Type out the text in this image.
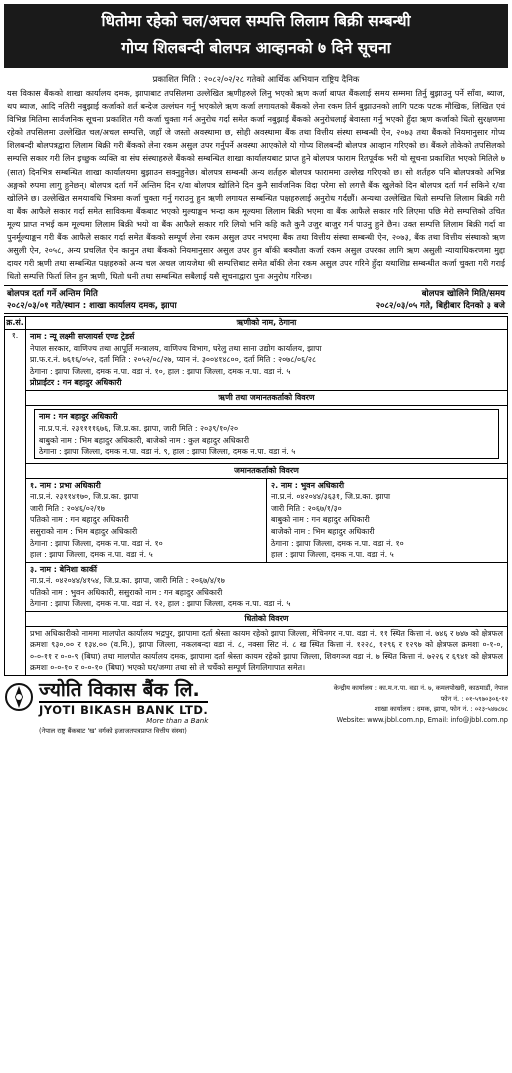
धितोमा रहेको चल/अचल सम्पत्ति लिलाम बिक्री सम्बन्धी
गोप्य शिलबन्दी बोलपत्र आव्हानको ७ दिने सूचना
प्रकाशित मिति : २०८२/०२/२८ गतेको आर्थिक अभियान राष्ट्रिय दैनिक

यस विकास बैंकको शाखा कार्यालय दमक, झापाबाट तपसिलमा उल्लेखित ऋणीहरुले लिनु भएको ऋण कर्जा बापत बैंकलाई समय सम्ममा तिर्नु बुझाउनु पर्ने साँवा, ब्याज, थप ब्याज, आदि नतिरी नबुझाई कर्जाको शर्त बन्देज उल्लंघन गर्नु भएकोले ऋण कर्जा लगायतको बैंकको लेना रकम तिर्न बुझाउनको लागि पटक पटक मौखिक, लिखित एवं विभिन्न मितिमा सार्वजनिक सूचना प्रकाशित गरी कर्जा चुक्ता गर्न अनुरोध गर्दा समेत कर्जा नबुझाई बैंकको अनुरोधलाई बेवास्ता गर्नु भएको हुँदा ऋण कर्जाको धितो सुरक्षणमा रहेको तपसिलमा उल्लेखित चल/अचल सम्पत्ति, जहाँ जे जस्तो अवस्थामा छ, सोही अवस्थामा बैंक तथा वित्तीय संस्था सम्बन्धी ऐन, २०७३ तथा बैंकको नियमानुसार गोप्य शिलबन्दी बोलपत्रद्वारा लिलाम बिक्री गरी बैंकको लेना रकम असुल उपर गर्नुपर्ने अवस्था आएकोले यो गोप्य शिलबन्दी बोलपत्र आव्हान गरिएको छ। बैंकले तोकेको तपसिलको सम्पत्ति सकार गरी लिन इच्छुक व्यक्ति वा संघ संस्थाहरुले बैंकको सम्बन्धित शाखा कार्यालयबाट प्राप्त हुने बोलपत्र फाराम रितपूर्वक भरी यो सूचना प्रकाशित भएको मितिले ७ (सात) दिनभित्र सम्बन्धित शाखा कार्यालयमा बुझाउन सक्नुहुनेछ। बोलपत्र सम्बन्धी अन्य शर्तहरु बोलपत्र फाराममा उल्लेख गरिएको छ। सो शर्तहरु पनि बोलपत्रको अभिन्न अङ्गको रुपमा लागु हुनेछन्। बोलपत्र दर्ता गर्ने अन्तिम दिन र/वा बोलपत्र खोलिने दिन कुनै सार्वजनिक विदा परेमा सो लगत्तै बैंक खुलेको दिन बोलपत्र दर्ता गर्न सकिने र/वा खोलिने छ। उल्लेखित समयावधि भित्रमा कर्जा चुक्ता गर्नु गराउनु हुन ऋणी लगायत सम्बन्धित पक्षहरुलाई अनुरोध गर्दछौं। अन्यथा उल्लेखित धितो सम्पत्ति लिलाम बिक्री गरी वा बैंक आफैले सकार गर्दा समेत साविकमा बैंकबाट भएको मुल्याङ्कन भन्दा कम मूल्यमा लिलाम बिक्री भएमा वा बैंक आफैले सकार गरि लिएमा पछि मेरो सम्पत्तिको उचित मूल्य प्राप्त नभई कम मूल्यमा लिलाम बिक्री भयो वा बैंक आफैले सकार गरि लियो भनि कहि कतै कुनै उजुर बाजुर गर्न पाउनु हुने छैन। उक्त सम्पत्ति लिलाम बिक्री गर्दा वा पुनर्मूल्याङ्कन गरी बैंक आफैले सकार गर्दा समेत बैंकको सम्पूर्ण लेना रकम असुल उपर नभएमा बैंक तथा वित्तीय संस्था सम्बन्धी ऐन, २०७३, बैंक तथा वित्तीय संस्थाको ऋण असुली ऐन, २०५८, अन्य प्रचलित ऐन कानुन तथा बैंकको नियमानुसार असुल उपर हुन बाँकी बक्यौता कर्जा रकम असुल उपरका लागि ऋण असुली न्यायाधिकरणमा मुद्दा दायर गरी ऋणी तथा सम्बन्धित पक्षहरुको अन्य चल अचल जायजेथा श्री सम्पत्तिबाट समेत बाँकी लेना रकम असुल उपर गरिने हुँदा यथाशिघ्र सम्बन्धीत कर्जा चुक्ता गरी गराई धितो सम्पत्ति फिर्ता लिन हुन ऋणी, धितो धनी तथा सम्बन्धित सबैलाई यसै सूचनाद्वारा पुनः अनुरोध गरिन्छ।

बोलपत्र दर्ता गर्ने अन्तिम मिति	बोलपत्र खोलिने मिति/समय
२०८२/०३/०१ गते/स्थान : शाखा कार्यालय दमक, झापा	२०८२/०३/०५ गते, बिहीबार दिनको ३ बजे
क्र.सं.	ऋणीको नाम, ठेगाना
१.	नाम : न्यू लक्ष्मी सप्लायर्स एण्ड ट्रेडर्स
नेपाल सरकार, वाणिज्य तथा आपूर्ति मन्त्रालय, वाणिज्य विभाग, घरेलु तथा साना उद्योग कार्यालय, झापा
प्रा.फ.र.नं. ७६१६/०५२, दर्ता मिति : २०५२/०८/२७, प्यान नं. ३००४१४८००, दर्ता मिति : २०७८/०६/२८
ठेगाना : झापा जिल्ला, दमक न.पा. वडा नं. १०, हाल : झापा जिल्ला, दमक न.पा. वडा नं. ५
प्रोप्राईटर : गन बहादुर अधिकारी
ऋणी तथा जमानतकर्ताको विवरण
नाम : गन बहादुर अधिकारी
ना.प्र.प.नं. २३११११६७६, जि.प्र.का. झापा, जारी मिति : २०३९/१०/२०
बाबुको नाम : भिम बहादुर अधिकारी, बाजेको नाम : कुल बहादुर अधिकारी
ठेगाना : झापा जिल्ला, दमक न.पा. वडा नं. ९, हाल : झापा जिल्ला, दमक न.पा. वडा नं. ५
जमानतकर्ताको विवरण
१. नाम : प्रभा अधिकारी
ना.प्र.नं. २३११४१७०, जि.प्र.का. झापा
जारी मिति : २०४६/०२/१७
पतिको नाम : गन बहादुर अधिकारी
ससुराको नाम : भिम बहादुर अधिकारी
ठेगाना : झापा जिल्ला, दमक न.पा. वडा नं. १०
हाल : झापा जिल्ला, दमक न.पा. वडा नं. ५
२. नाम : भुवन अधिकारी
ना.प्र.नं. ०४२०४४/३६३१, जि.प्र.का. झापा
जारी मिति : २०६७/१/३०
बाबुको नाम : गन बहादुर अधिकारी
बाजेको नाम : भिम बहादुर अधिकारी
ठेगाना : झापा जिल्ला, दमक न.पा. वडा नं. १०
हाल : झापा जिल्ला, दमक न.पा. वडा नं. ५
३. नाम : बेनिशा कार्की
ना.प्र.नं. ०४२०४४/४१५४, जि.प्र.का. झापा, जारी मिति : २०६७/४/१७
पतिको नाम : भुवन अधिकारी, ससुराको नाम : गन बहादुर अधिकारी
ठेगाना : झापा जिल्ला, दमक न.पा. वडा नं. १२, हाल : झापा जिल्ला, दमक न.पा. वडा नं. ५
धितोको विवरण
प्रभा अधिकारीको नाममा मालपोत कार्यालय भद्रपुर, झापामा दर्ता श्रेस्ता कायम रहेको झापा जिल्ला, मेचिनगर न.पा. वडा नं. ११ स्थित कित्ता नं. ७४६ र ७४७ को क्षेत्रफल क्रमशः ९३०.०० र १३४.०० (व.मि.), झापा जिल्ला, नकलबन्दा वडा नं. ८, नक्सा सिट नं. ८ ख स्थित कित्ता नं. १२२८, १२९६ र १२९७ को क्षेत्रफल क्रमशः ०-१-०, ०-०-११ र ०-०-९ (बिघा) तथा मालपोत कार्यालय दमक, झापामा दर्ता श्रेस्ता कायम रहेको झापा जिल्ला, शिवगञ्ज वडा नं. ७ स्थित कित्ता नं. ७२२६ र ६९४१ को क्षेत्रफल क्रमशः ०-०-१० र ०-०-१० (बिघा) भएको घर/जग्गा तथा सो ले चर्चेको सम्पूर्ण लिगलिगापात समेत।
ज्योति विकास बैंक लि.
JYOTI BIKASH BANK LTD.
More than a Bank
(नेपाल राष्ट्र बैंकबाट 'ख' वर्गको इजाजतपत्रप्राप्त वित्तीय संस्था)
केन्द्रीय कार्यालय : का.म.न.पा. वडा नं. ७, कमलपोखरी, काठमाडौं, नेपाल
फोन नं. : ०१-५९७०३०६-१२
शाखा कार्यालय : दमक, झापा, फोन नं. : ०२३-५४७८७८
Website: www.jbbl.com.np, Email: info@jbbl.com.np
